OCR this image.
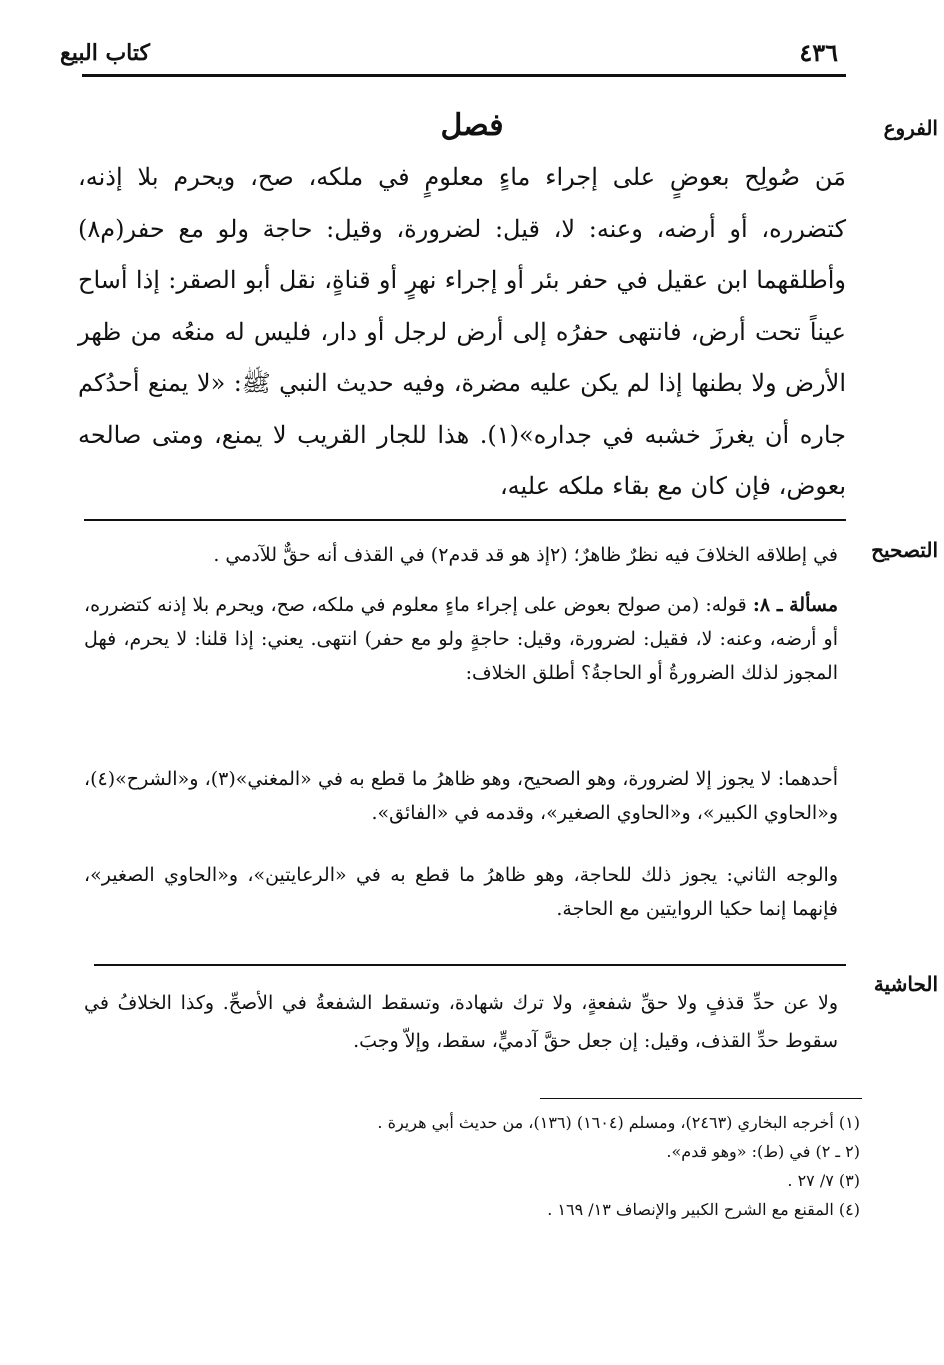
كتاب البيع	٤٣٦
الفروع
فصل
مَن صُولِح بعوضٍ على إجراء ماءٍ معلومٍ في ملكه، صح، ويحرم بلا إذنه، كتضرره، أو أرضه، وعنه: لا، قيل: لضرورة، وقيل: حاجة ولو مع حفر(م٨) وأطلقهما ابن عقيل في حفر بئر أو إجراء نهرٍ أو قناةٍ، نقل أبو الصقر: إذا أساح عيناً تحت أرض، فانتهى حفرُه إلى أرض لرجل أو دار، فليس له منعُه من ظهر الأرض ولا بطنها إذا لم يكن عليه مضرة، وفيه حديث النبي ﷺ: «لا يمنع أحدُكم جاره أن يغرزَ خشبه في جداره»(١). هذا للجار القريب لا يمنع، ومتى صالحه بعوض، فإن كان مع بقاء ملكه عليه،
التصحيح
في إطلاقه الخلافَ فيه نظرٌ ظاهرٌ؛ (٢إذ هو قد قدم٢) في القذف أنه حقٌّ للآدمي .
مسألة ـ ٨: قوله: (من صولح بعوض على إجراء ماءٍ معلوم في ملكه، صح، ويحرم بلا إذنه كتضرره، أو أرضه، وعنه: لا، فقيل: لضرورة، وقيل: حاجةٍ ولو مع حفر) انتهى. يعني: إذا قلنا: لا يحرم، فهل المجوز لذلك الضرورةُ أو الحاجةُ؟ أطلق الخلاف:
أحدهما: لا يجوز إلا لضرورة، وهو الصحيح، وهو ظاهرُ ما قطع به في «المغني»(٣)، و«الشرح»(٤)، و«الحاوي الكبير»، و«الحاوي الصغير»، وقدمه في «الفائق».
والوجه الثاني: يجوز ذلك للحاجة، وهو ظاهرُ ما قطع به في «الرعايتين»، و«الحاوي الصغير»، فإنهما إنما حكيا الروايتين مع الحاجة.
الحاشية
ولا عن حدِّ قذفٍ ولا حقِّ شفعةٍ، ولا ترك شهادة، وتسقط الشفعةُ في الأصحِّ. وكذا الخلافُ في سقوط حدِّ القذف، وقيل: إن جعل حقَّ آدميٍّ، سقط، وإلاّ وجبَ.
(١) أخرجه البخاري (٢٤٦٣)، ومسلم (١٦٠٤) (١٣٦)، من حديث أبي هريرة .
(٢ ـ ٢) في (ط): «وهو قدم».
(٣) ٧/ ٢٧ .
(٤) المقنع مع الشرح الكبير والإنصاف ١٣/ ١٦٩ .
